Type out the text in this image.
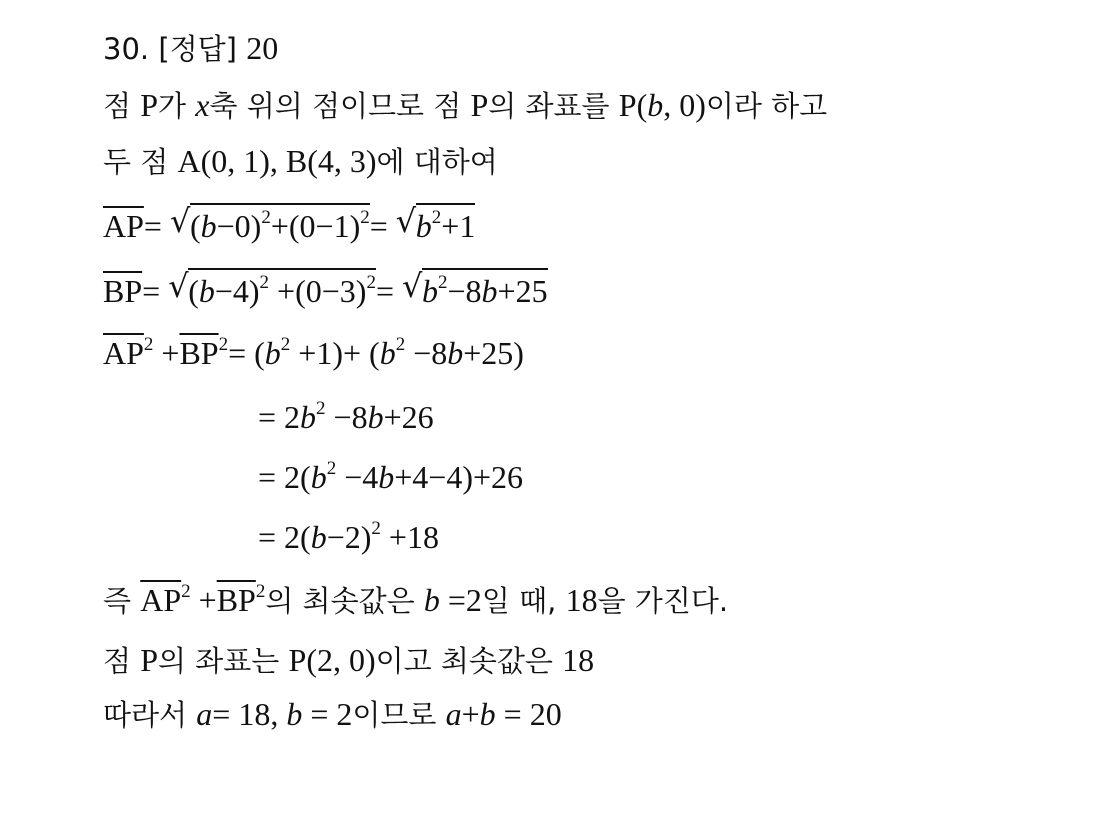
30. [정답] 20
점 P가 x축 위의 점이므로 점 P의 좌표를 P(b, 0)이라 하고
두 점 A(0, 1), B(4, 3)에 대하여
$\overline{AP}=$ √ $(b-0)^2+(0-1)^2=$ √ $b^2+1$
$\overline{BP}=$ √ $(b-4)^2 +(0-3)^2=$ √ $b^2-8b+25$
$\overline{AP}^2 +\overline{BP}^2= (b^2 +1)+ (b^2 -8b+25)$
= $2b^2 -8b+26$
= $2(b^2 -4b+4-4)+26$
= $2(b-2)^2 +18$
즉 $\overline{AP}^2 +\overline{BP}^2$의 최솟값은 b =2일 때, 18을 가진다.
점 P의 좌표는 P(2, 0)이고 최솟값은 18
따라서 a= 18, b = 2이므로 a+b = 20
